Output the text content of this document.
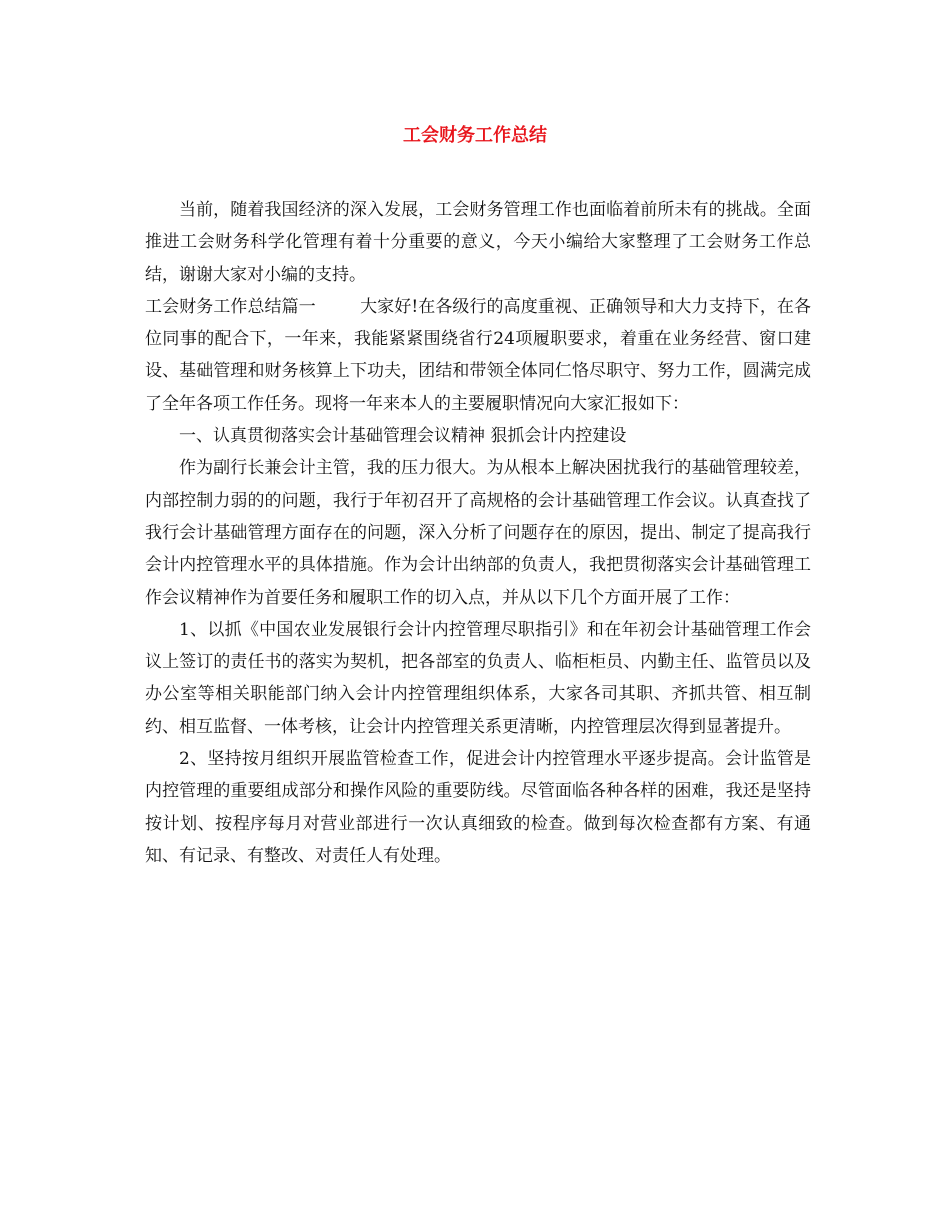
工会财务工作总结

当前，随着我国经济的深入发展，工会财务管理工作也面临着前所未有的挑战。全面推进工会财务科学化管理有着十分重要的意义，今天小编给大家整理了工会财务工作总结，谢谢大家对小编的支持。

工会财务工作总结篇一	大家好!在各级行的高度重视、正确领导和大力支持下，在各位同事的配合下，一年来，我能紧紧围绕省行24项履职要求，着重在业务经营、窗口建设、基础管理和财务核算上下功夫，团结和带领全体同仁恪尽职守、努力工作，圆满完成了全年各项工作任务。现将一年来本人的主要履职情况向大家汇报如下：

一、认真贯彻落实会计基础管理会议精神 狠抓会计内控建设

作为副行长兼会计主管，我的压力很大。为从根本上解决困扰我行的基础管理较差，内部控制力弱的的问题，我行于年初召开了高规格的会计基础管理工作会议。认真查找了我行会计基础管理方面存在的问题，深入分析了问题存在的原因，提出、制定了提高我行会计内控管理水平的具体措施。作为会计出纳部的负责人，我把贯彻落实会计基础管理工作会议精神作为首要任务和履职工作的切入点，并从以下几个方面开展了工作：

1、以抓《中国农业发展银行会计内控管理尽职指引》和在年初会计基础管理工作会议上签订的责任书的落实为契机，把各部室的负责人、临柜柜员、内勤主任、监管员以及办公室等相关职能部门纳入会计内控管理组织体系，大家各司其职、齐抓共管、相互制约、相互监督、一体考核，让会计内控管理关系更清晰，内控管理层次得到显著提升。

2、坚持按月组织开展监管检查工作，促进会计内控管理水平逐步提高。会计监管是内控管理的重要组成部分和操作风险的重要防线。尽管面临各种各样的困难，我还是坚持按计划、按程序每月对营业部进行一次认真细致的检查。做到每次检查都有方案、有通知、有记录、有整改、对责任人有处理。
